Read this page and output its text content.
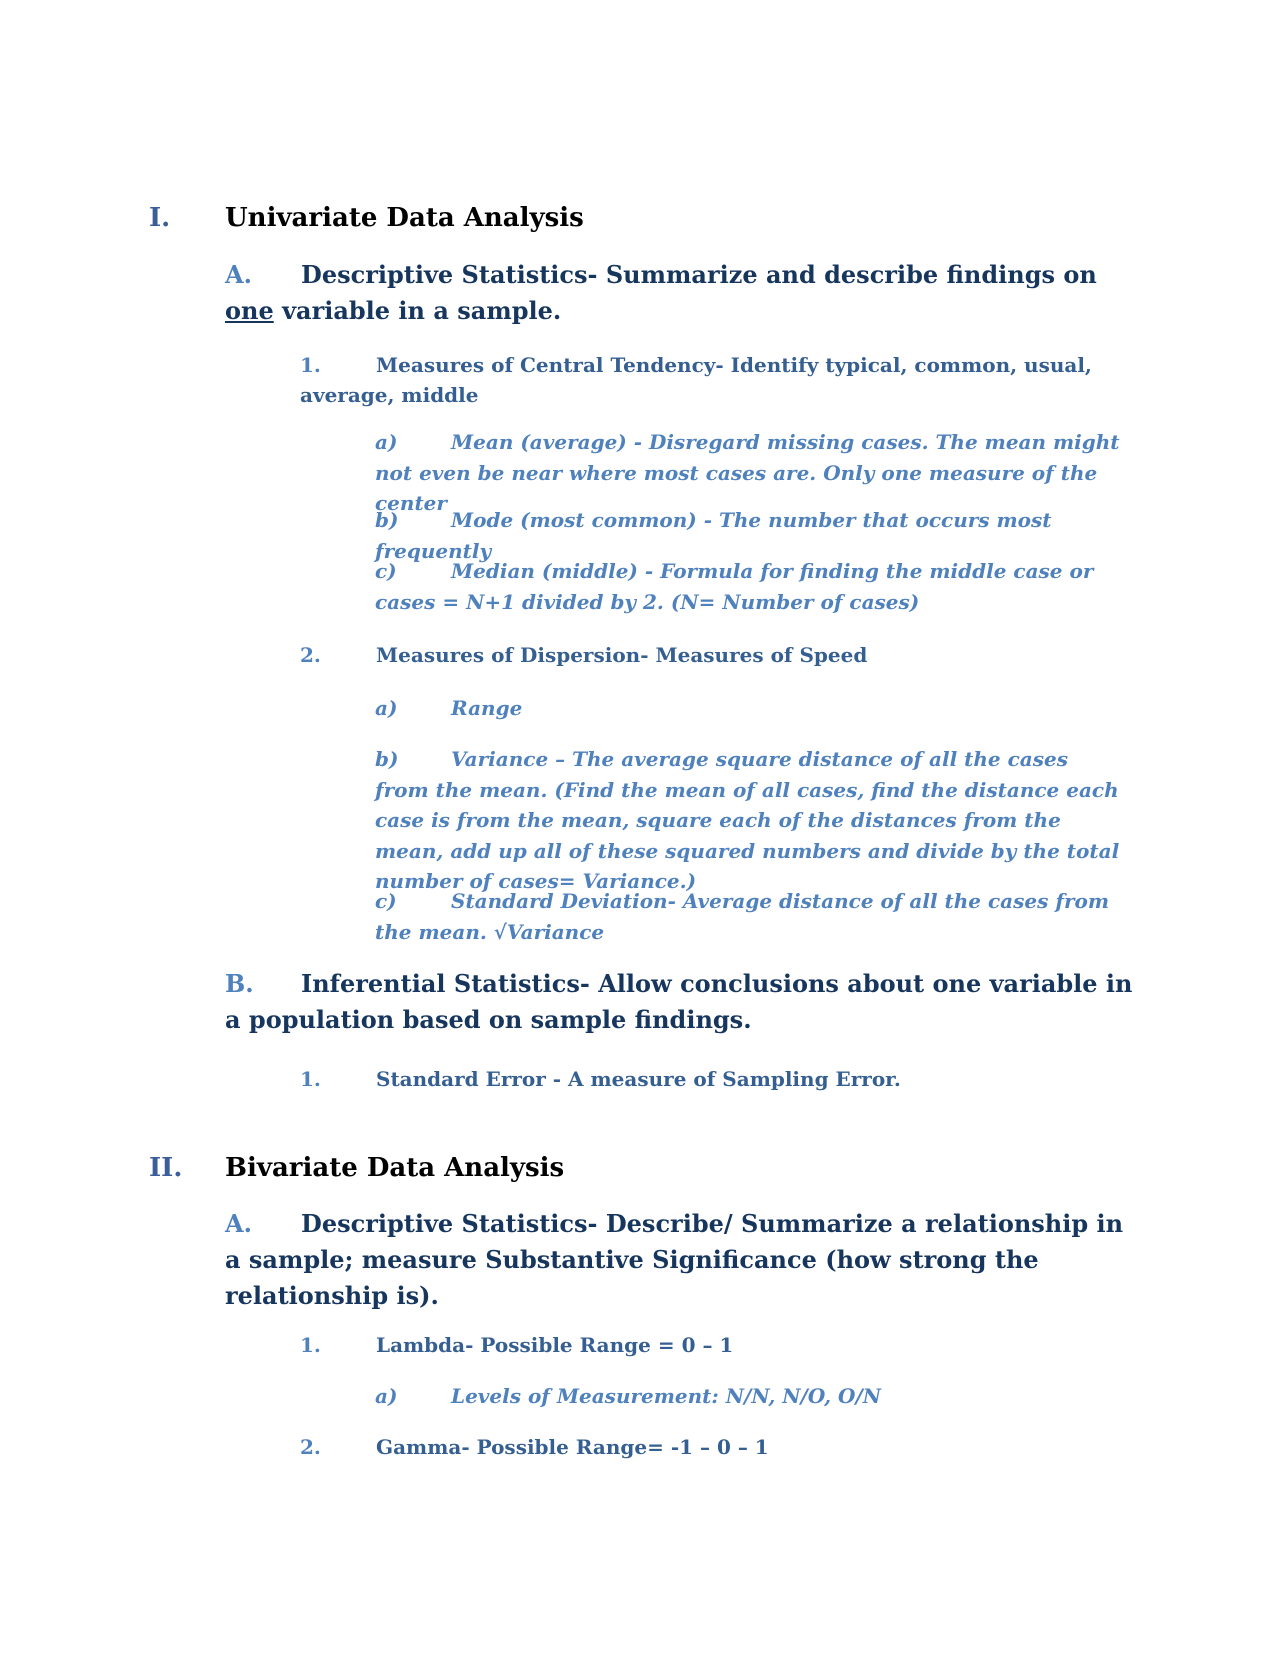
I. Univariate Data Analysis
A.	Descriptive Statistics- Summarize and describe findings on one variable in a sample.
1.	Measures of Central Tendency- Identify typical, common, usual, average, middle
a)	Mean (average) - Disregard missing cases. The mean might not even be near where most cases are. Only one measure of the center
b)	Mode (most common) - The number that occurs most frequently
c)	Median (middle) - Formula for finding the middle case or cases = N+1 divided by 2. (N= Number of cases)
2.	Measures of Dispersion- Measures of Speed
a)	Range
b)	Variance – The average square distance of all the cases from the mean. (Find the mean of all cases, find the distance each case is from the mean, square each of the distances from the mean, add up all of these squared numbers and divide by the total number of cases= Variance.)
c)	Standard Deviation- Average distance of all the cases from the mean. √Variance
B.	Inferential Statistics- Allow conclusions about one variable in a population based on sample findings.
1.	Standard Error - A measure of Sampling Error.
II. Bivariate Data Analysis
A.	Descriptive Statistics- Describe/ Summarize a relationship in a sample; measure Substantive Significance (how strong the relationship is).
1.	Lambda- Possible Range = 0 – 1
a)	Levels of Measurement: N/N, N/O, O/N
2.	Gamma- Possible Range= -1 – 0 – 1
